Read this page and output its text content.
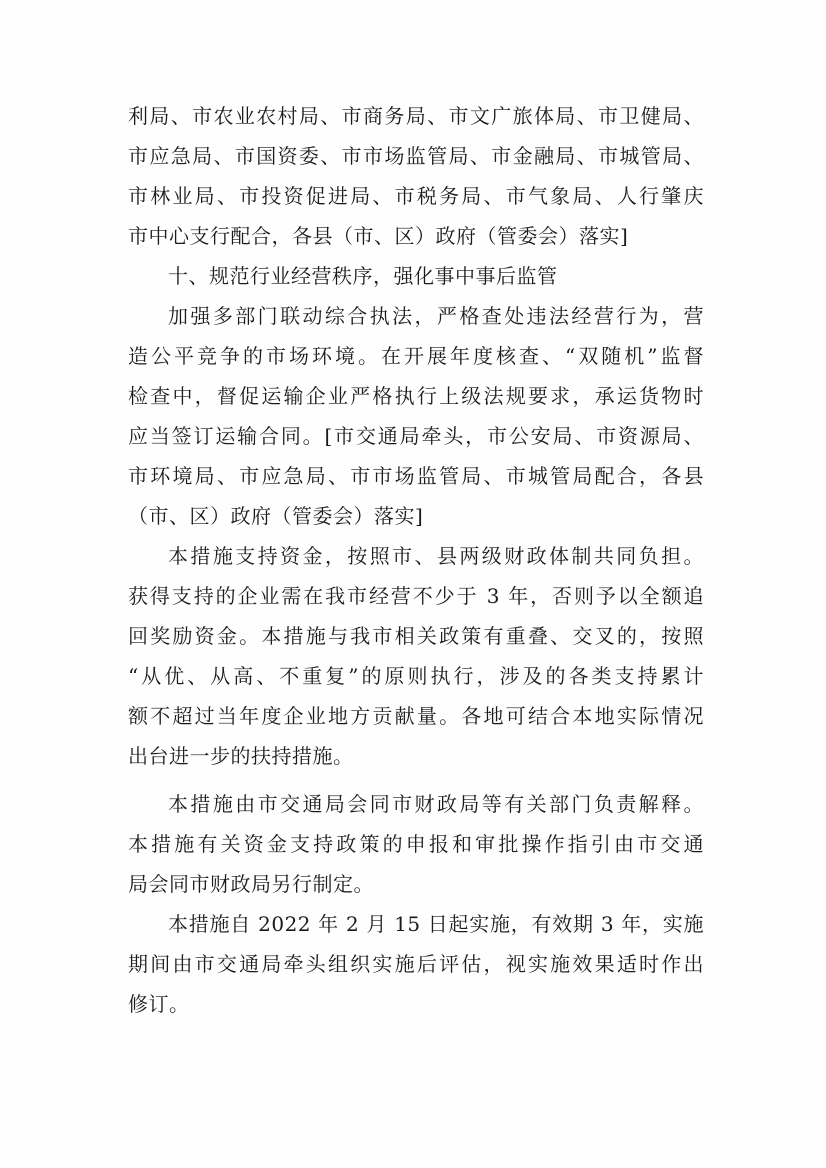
利局、市农业农村局、市商务局、市文广旅体局、市卫健局、
市应急局、市国资委、市市场监管局、市金融局、市城管局、
市林业局、市投资促进局、市税务局、市气象局、人行肇庆
市中心支行配合，各县（市、区）政府（管委会）落实]
十、规范行业经营秩序，强化事中事后监管
加强多部门联动综合执法，严格查处违法经营行为，营
造公平竞争的市场环境。在开展年度核查、“双随机”监督
检查中，督促运输企业严格执行上级法规要求，承运货物时
应当签订运输合同。[市交通局牵头，市公安局、市资源局、
市环境局、市应急局、市市场监管局、市城管局配合，各县
（市、区）政府（管委会）落实]
本措施支持资金，按照市、县两级财政体制共同负担。
获得支持的企业需在我市经营不少于 3 年，否则予以全额追
回奖励资金。本措施与我市相关政策有重叠、交叉的，按照
“从优、从高、不重复”的原则执行，涉及的各类支持累计
额不超过当年度企业地方贡献量。各地可结合本地实际情况
出台进一步的扶持措施。
本措施由市交通局会同市财政局等有关部门负责解释。
本措施有关资金支持政策的申报和审批操作指引由市交通
局会同市财政局另行制定。
本措施自 2022 年 2 月 15 日起实施，有效期 3 年，实施
期间由市交通局牵头组织实施后评估，视实施效果适时作出
修订。
